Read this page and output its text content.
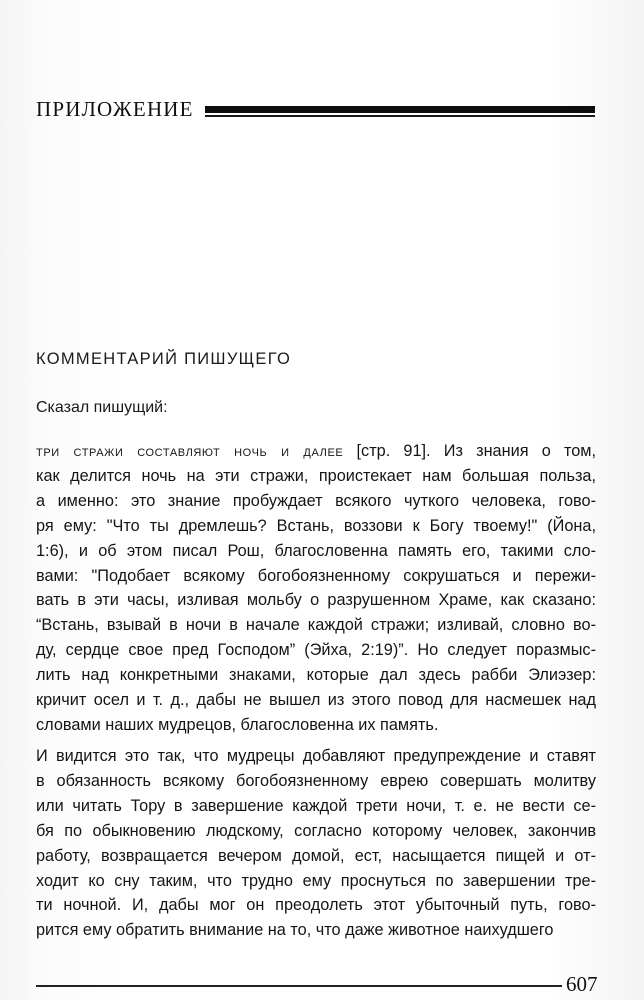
ПРИЛОЖЕНИЕ
КОММЕНТАРИЙ ПИШУЩЕГО
Сказал пишущий:
три стражи составляют ночь и далее [стр. 91]. Из знания о том,
как делится ночь на эти стражи, проистекает нам большая польза,
а именно: это знание пробуждает всякого чуткого человека, гово-
ря ему: "Что ты дремлешь? Встань, воззови к Богу твоему!" (Йона,
1:6), и об этом писал Рош, благословенна память его, такими сло-
вами: "Подобает всякому богобоязненному сокрушаться и пережи-
вать в эти часы, изливая мольбу о разрушенном Храме, как сказано:
“Встань, взывай в ночи в начале каждой стражи; изливай, словно во-
ду, сердце свое пред Господом” (Эйха, 2:19)”. Но следует поразмыс-
лить над конкретными знаками, которые дал здесь рабби Элиэзер:
кричит осел и т. д., дабы не вышел из этого повод для насмешек над
словами наших мудрецов, благословенна их память.
И видится это так, что мудрецы добавляют предупреждение и ставят
в обязанность всякому богобоязненному еврею совершать молитву
или читать Тору в завершение каждой трети ночи, т. е. не вести се-
бя по обыкновению людскому, согласно которому человек, закончив
работу, возвращается вечером домой, ест, насыщается пищей и от-
ходит ко сну таким, что трудно ему проснуться по завершении тре-
ти ночной. И, дабы мог он преодолеть этот убыточный путь, гово-
рится ему обратить внимание на то, что даже животное наихудшего
607
